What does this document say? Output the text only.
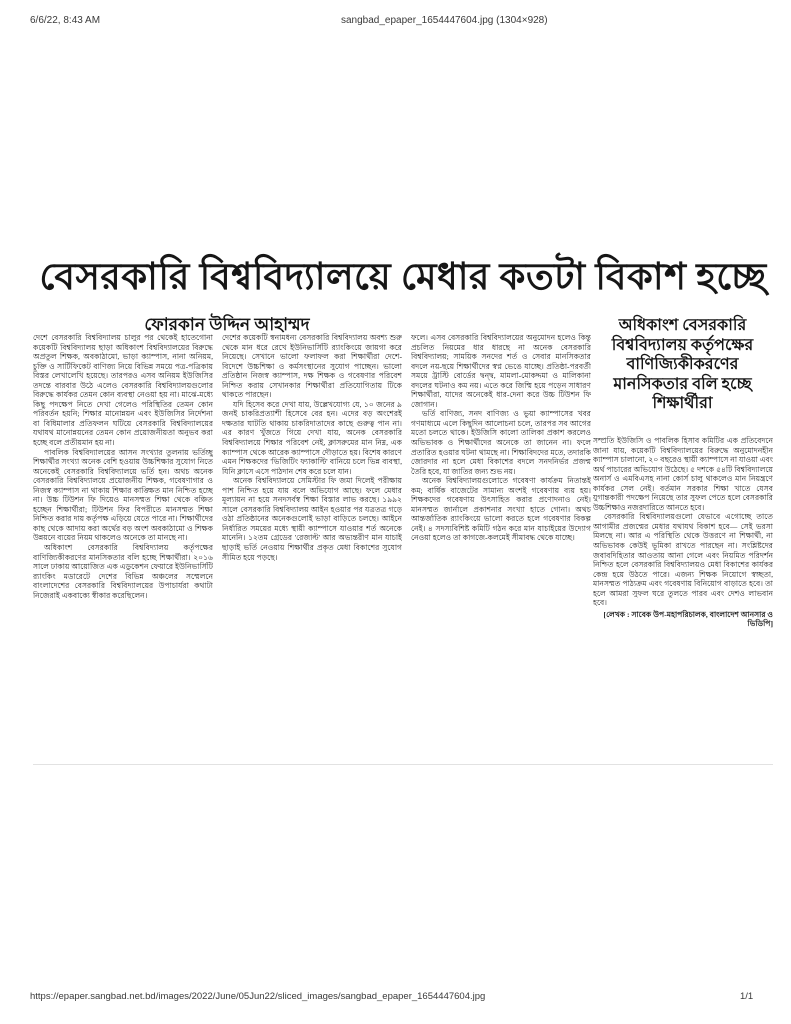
6/6/22, 8:43 AM	sangbad_epaper_1654447604.jpg (1304×928)
বেসরকারি বিশ্ববিদ্যালয়ে মেধার কতটা বিকাশ হচ্ছে
ফোরকান উদ্দিন আহাম্মদ	অধিকাংশ বেসরকারি
বিশ্ববিদ্যালয় কর্তৃপক্ষের
বাণিজ্যিকীকরণের
মানসিকতার বলি হচ্ছে
শিক্ষার্থীরা

দেশে বেসরকারি বিশ্ববিদ্যালয় চালুর পর থেকেই হাতেগোনা কয়েকটি বিশ্ববিদ্যালয় ছাড়া অধিকাংশ বিশ্ববিদ্যালয়ের বিরুদ্ধে অপ্রতুল শিক্ষক, অবকাঠামো, ভাড়া ক্যাম্পাস, নানা অনিয়ম, চুক্তি ও সার্টিফিকেট বাণিজ্য নিয়ে বিভিন্ন সময়ে পত্র-পত্রিকায় বিস্তর লেখালেখি হয়েছে। তারপরও এসব অনিয়ম ইউজিসির তদন্তে বারবার উঠে এলেও বেসরকারি বিশ্ববিদ্যালয়গুলোর বিরুদ্ধে কার্যকর তেমন কোন ব্যবস্থা নেওয়া হয় না। মাঝে-মধ্যে কিছু পদক্ষেপ নিতে দেখা গেলেও পরিস্থিতির তেমন কোন পরিবর্তন হয়নি; শিক্ষার মানোন্নয়ন এবং ইউজিসির নির্দেশনা বা বিধিমালার প্রতিফলন ঘটিয়ে বেসরকারি বিশ্ববিদ্যালয়ের যথাযথ মানোন্নয়নের তেমন কোন প্রয়োজনীয়তা অনুভব করা হচ্ছে বলে প্রতীয়মান হয় না।

পাবলিক বিশ্ববিদ্যালয়ের আসন সংখ্যার তুলনায় ভর্তিচ্ছু শিক্ষার্থীর সংখ্যা অনেক বেশি হওয়ায় উচ্চশিক্ষার সুযোগ নিতে অনেকেই বেসরকারি বিশ্ববিদ্যালয়ে ভর্তি হন। অথচ অনেক বেসরকারি বিশ্ববিদ্যালয়ে প্রয়োজনীয় শিক্ষক, গবেষণাগার ও নিজস্ব ক্যাম্পাস না থাকায় শিক্ষার কাঙ্ক্ষিত মান নিশ্চিত হচ্ছে না। উচ্চ টিউশন ফি দিয়েও মানসম্মত শিক্ষা থেকে বঞ্চিত হচ্ছেন শিক্ষার্থীরা; টিউশন ফির বিপরীতে মানসম্মত শিক্ষা নিশ্চিত করার দায় কর্তৃপক্ষ এড়িয়ে যেতে পারে না। শিক্ষার্থীদের কাছ থেকে আদায় করা অর্থের বড় অংশ অবকাঠামো ও শিক্ষক উন্নয়নে ব্যয়ের নিয়ম থাকলেও অনেকে তা মানছে না।

অধিকাংশ বেসরকারি বিশ্ববিদ্যালয় কর্তৃপক্ষের বাণিজ্যিকীকরণের মানসিকতার বলি হচ্ছে শিক্ষার্থীরা। ২০১৬ সালে ঢাকায় আয়োজিত এক এডুকেশন ফেয়ারে ইউনিভার্সিটি র‌্যাংকিং মডারেটে দেশের বিভিন্ন অঞ্চলের সম্মেলনে বাংলাদেশের বেসরকারি বিশ্ববিদ্যালয়ের উপাচার্যরা কথাটা নিজেরাই একবাক্যে স্বীকার করেছিলেন।

দেশের কয়েকটি স্বনামধন্য বেসরকারি বিশ্ববিদ্যালয় অবশ্য শুরু থেকে মান ধরে রেখে ইউনিভার্সিটি র‌্যাংকিংয়ে জায়গা করে নিয়েছে। সেখানে ভালো ফলাফল করা শিক্ষার্থীরা দেশে-বিদেশে উচ্চশিক্ষা ও কর্মসংস্থানের সুযোগ পাচ্ছেন। ভালো প্রতিষ্ঠান নিজস্ব ক্যাম্পাস, দক্ষ শিক্ষক ও গবেষণার পরিবেশ নিশ্চিত করায় সেখানকার শিক্ষার্থীরা প্রতিযোগিতায় টিকে থাকতে পারছেন।

যদি হিসেব করে দেখা যায়, উল্লেখযোগ্য যে, ১০ জনের ৯ জনই চাকরিপ্রত্যাশী হিসেবে বের হন। এদের বড় অংশেরই দক্ষতার ঘাটতি থাকায় চাকরিদাতাদের কাছে গুরুত্ব পান না। এর কারণ খুঁজতে গিয়ে দেখা যায়, অনেক বেসরকারি বিশ্ববিদ্যালয়ে শিক্ষার পরিবেশ নেই, ক্লাসরুমের মান নিম্ন, এক ক্যাম্পাস থেকে আরেক ক্যাম্পাসে দৌড়াতে হয়। বিশেষ কারণে এমন শিক্ষকদের 'ভিজিটিং ফ্যাকাল্টি' বানিয়ে চলে ভিন্ন ব্যবস্থা, যিনি ক্লাসে এসে পাঠদান শেষ করে চলে যান।

অনেক বিশ্ববিদ্যালয়ে সেমিস্টার ফি জমা দিলেই পরীক্ষায় পাশ নিশ্চিত হয়ে যায় বলে অভিযোগ আছে। ফলে মেধার মূল্যায়ন না হয়ে সনদসর্বস্ব শিক্ষা বিস্তার লাভ করছে। ১৯৯২ সালে বেসরকারি বিশ্ববিদ্যালয় আইন হওয়ার পর যত্রতত্র গড়ে ওঠা প্রতিষ্ঠানের অনেকগুলোই ভাড়া বাড়িতে চলছে। আইনে নির্ধারিত সময়ের মধ্যে স্থায়ী ক্যাম্পাসে যাওয়ার শর্ত অনেকে মানেনি। ১২তম গ্রেডের 'রেজাল্ট' আর অভ্যন্তরীণ মান যাচাই ছাড়াই ভর্তি নেওয়ায় শিক্ষার্থীর প্রকৃত মেধা বিকাশের সুযোগ সীমিত হয়ে পড়ছে।

ফলে। এসব বেসরকারি বিশ্ববিদ্যালয়ের অনুমোদন হলেও কিন্তু প্রচলিত নিয়মের ধার ধারছে না অনেক বেসরকারি বিশ্ববিদ্যালয়; সাময়িক সনদের শর্ত ও সেবার মানসিকতার বদলে নয়-ছয়ে শিক্ষার্থীদের স্বপ্ন ভেঙে যাচ্ছে। প্রতিষ্ঠা-পরবর্তী সময়ে ট্রাস্টি বোর্ডের দ্বন্দ্ব, মামলা-মোকদ্দমা ও মালিকানা বদলের ঘটনাও কম নয়। এতে করে জিম্মি হয়ে পড়েন সাধারণ শিক্ষার্থীরা, যাদের অনেকেই ধার-দেনা করে উচ্চ টিউশন ফি জোগান।

ভর্তি বাণিজ্য, সনদ বাণিজ্য ও ভুয়া ক্যাম্পাসের খবর গণমাধ্যমে এলে কিছুদিন আলোচনা চলে, তারপর সব আগের মতো চলতে থাকে। ইউজিসি কালো তালিকা প্রকাশ করলেও অভিভাবক ও শিক্ষার্থীদের অনেকে তা জানেন না। ফলে প্রতারিত হওয়ার ঘটনা থামছে না। শিক্ষাবিদদের মতে, তদারকি জোরদার না হলে মেধা বিকাশের বদলে সনদনির্ভর প্রজন্ম তৈরি হবে, যা জাতির জন্য শুভ নয়।

অনেক বিশ্ববিদ্যালয়গুলোতে গবেষণা কার্যক্রম নিতান্তই কম; বার্ষিক বাজেটের সামান্য অংশই গবেষণায় ব্যয় হয়। শিক্ষকদের গবেষণায় উৎসাহিত করার প্রণোদনাও নেই। মানসম্মত জার্নালে প্রকাশনার সংখ্যা হাতে গোনা। অথচ আন্তর্জাতিক র‌্যাংকিংয়ে ভালো করতে হলে গবেষণার বিকল্প নেই। ৪ সদস্যবিশিষ্ট কমিটি গঠন করে মান যাচাইয়ের উদ্যোগ নেওয়া হলেও তা কাগজে-কলমেই সীমাবদ্ধ থেকে যাচ্ছে।

সম্প্রতি ইউজিসি ও পাবলিক হিসাব কমিটির এক প্রতিবেদনে জানা যায়, কয়েকটি বিশ্ববিদ্যালয়ের বিরুদ্ধে অনুমোদনহীন ক্যাম্পাস চালানো, ২০ বছরেও স্থায়ী ক্যাম্পাসে না যাওয়া এবং অর্থ পাচারের অভিযোগ উঠেছে। ৫ দশকে ৫৪টি বিশ্ববিদ্যালয়ে অনার্স ও এমবিএসহ নানা কোর্স চালু থাকলেও মান নিয়ন্ত্রণে কার্যকর সেল নেই। বর্তমান সরকার শিক্ষা খাতে যেসব যুগান্তকারী পদক্ষেপ নিয়েছে তার সুফল পেতে হলে বেসরকারি উচ্চশিক্ষাও নজরদারিতে আনতে হবে।

বেসরকারি বিশ্ববিদ্যালয়গুলো যেভাবে এগোচ্ছে তাতে আগামীর প্রজন্মের মেধার যথাযথ বিকাশ হবে— সেই ভরসা মিলছে না। আর এ পরিস্থিতি থেকে উত্তরণে না শিক্ষার্থী, না অভিভাবক কেউই ভূমিকা রাখতে পারছেন না। সংশ্লিষ্টদের জবাবদিহিতার আওতায় আনা গেলে এবং নিয়মিত পরিদর্শন নিশ্চিত হলে বেসরকারি বিশ্ববিদ্যালয়ও মেধা বিকাশের কার্যকর কেন্দ্র হয়ে উঠতে পারে। এজন্য শিক্ষক নিয়োগে স্বচ্ছতা, মানসম্মত পাঠ্যক্রম এবং গবেষণায় বিনিয়োগ বাড়াতে হবে। তা হলে আমরা সুফল ঘরে তুলতে পারব এবং দেশও লাভবান হবে।

[লেখক : সাবেক উপ-মহাপরিচালক, বাংলাদেশ আনসার ও ভিডিপি]
https://epaper.sangbad.net.bd/images/2022/June/05Jun22/sliced_images/sangbad_epaper_1654447604.jpg	1/1
